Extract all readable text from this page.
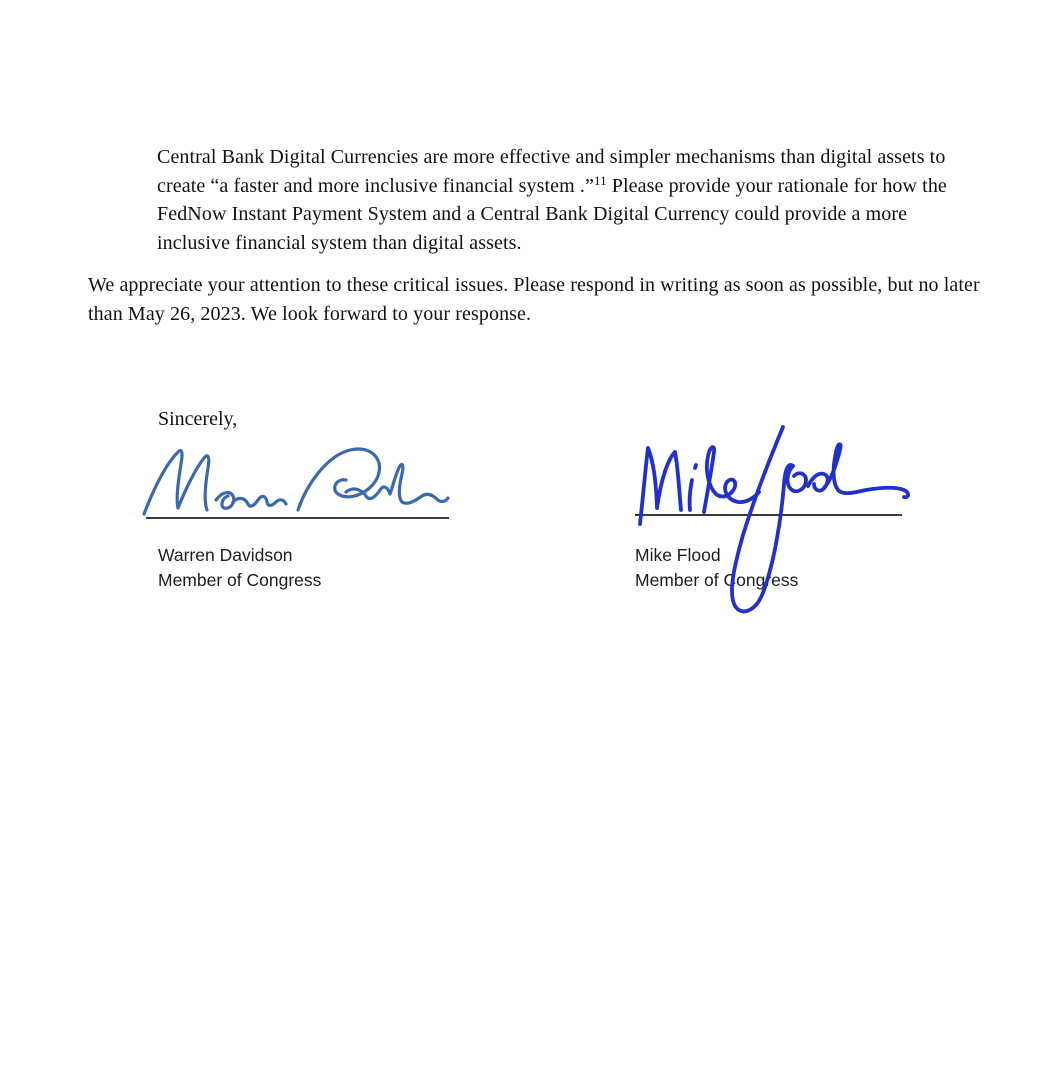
Central Bank Digital Currencies are more effective and simpler mechanisms than digital assets to create “a faster and more inclusive financial system .”$^{11}$ Please provide your rationale for how the FedNow Instant Payment System and a Central Bank Digital Currency could provide a more inclusive financial system than digital assets.

We appreciate your attention to these critical issues. Please respond in writing as soon as possible, but no later than May 26, 2023. We look forward to your response.

Sincerely,
Warren Davidson
Member of Congress
Mike Flood
Member of Congress
